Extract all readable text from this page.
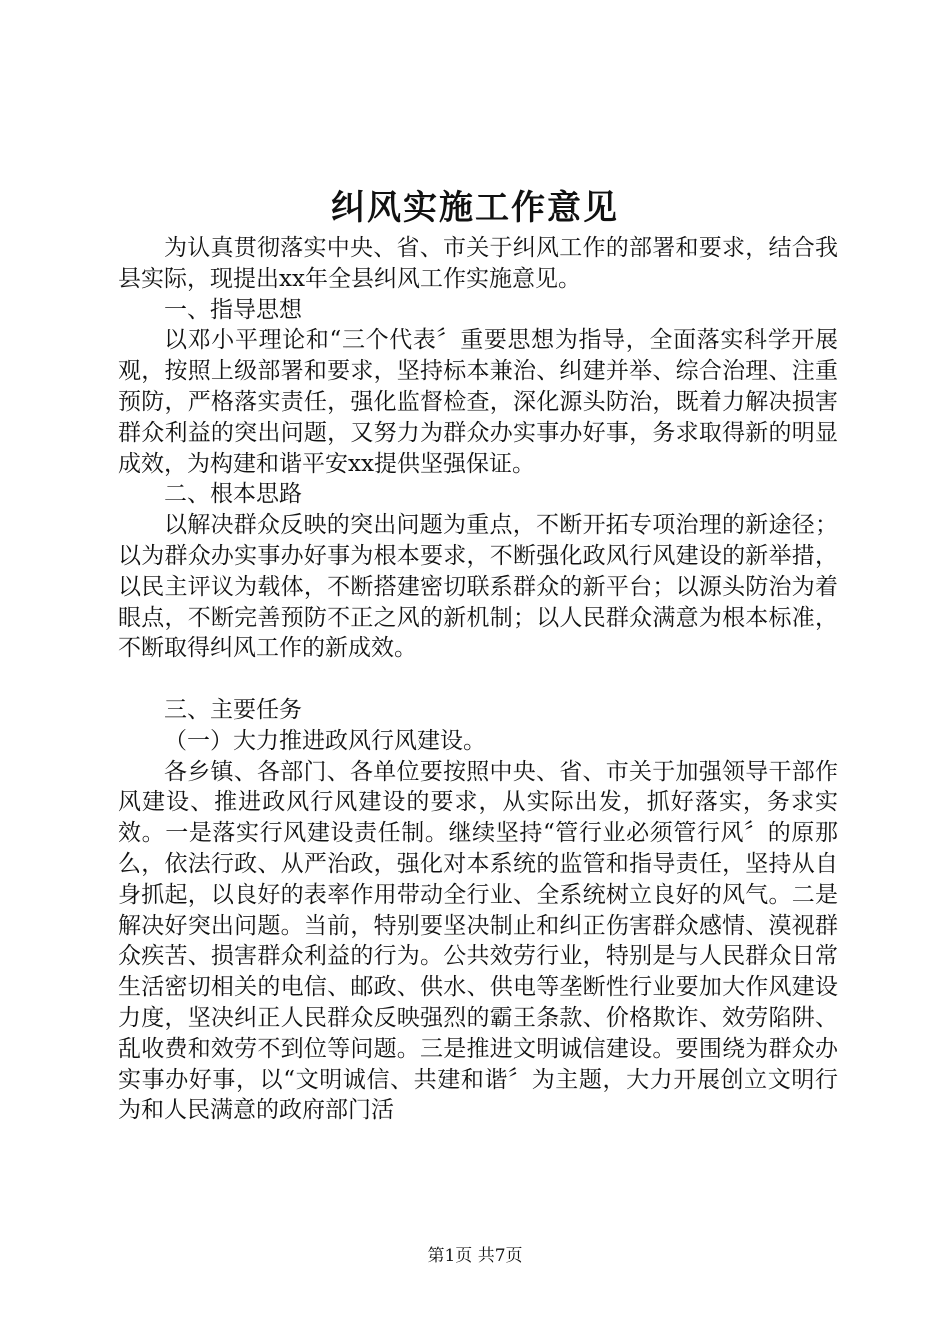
纠风实施工作意见

为认真贯彻落实中央、省、市关于纠风工作的部署和要求，结合我县实际，现提出xx年全县纠风工作实施意见。

一、指导思想

以邓小平理论和“三个代表〞重要思想为指导，全面落实科学开展观，按照上级部署和要求，坚持标本兼治、纠建并举、综合治理、注重预防，严格落实责任，强化监督检查，深化源头防治，既着力解决损害群众利益的突出问题，又努力为群众办实事办好事，务求取得新的明显成效，为构建和谐平安xx提供坚强保证。

二、根本思路

以解决群众反映的突出问题为重点，不断开拓专项治理的新途径；以为群众办实事办好事为根本要求，不断强化政风行风建设的新举措，以民主评议为载体，不断搭建密切联系群众的新平台；以源头防治为着眼点，不断完善预防不正之风的新机制；以人民群众满意为根本标准，不断取得纠风工作的新成效。

三、主要任务

（一）大力推进政风行风建设。

各乡镇、各部门、各单位要按照中央、省、市关于加强领导干部作风建设、推进政风行风建设的要求，从实际出发，抓好落实，务求实效。一是落实行风建设责任制。继续坚持“管行业必须管行风〞的原那么，依法行政、从严治政，强化对本系统的监管和指导责任，坚持从自身抓起，以良好的表率作用带动全行业、全系统树立良好的风气。二是解决好突出问题。当前，特别要坚决制止和纠正伤害群众感情、漠视群众疾苦、损害群众利益的行为。公共效劳行业，特别是与人民群众日常生活密切相关的电信、邮政、供水、供电等垄断性行业要加大作风建设力度，坚决纠正人民群众反映强烈的霸王条款、价格欺诈、效劳陷阱、乱收费和效劳不到位等问题。三是推进文明诚信建设。要围绕为群众办实事办好事，以“文明诚信、共建和谐〞为主题，大力开展创立文明行为和人民满意的政府部门活

第1页 共7页
